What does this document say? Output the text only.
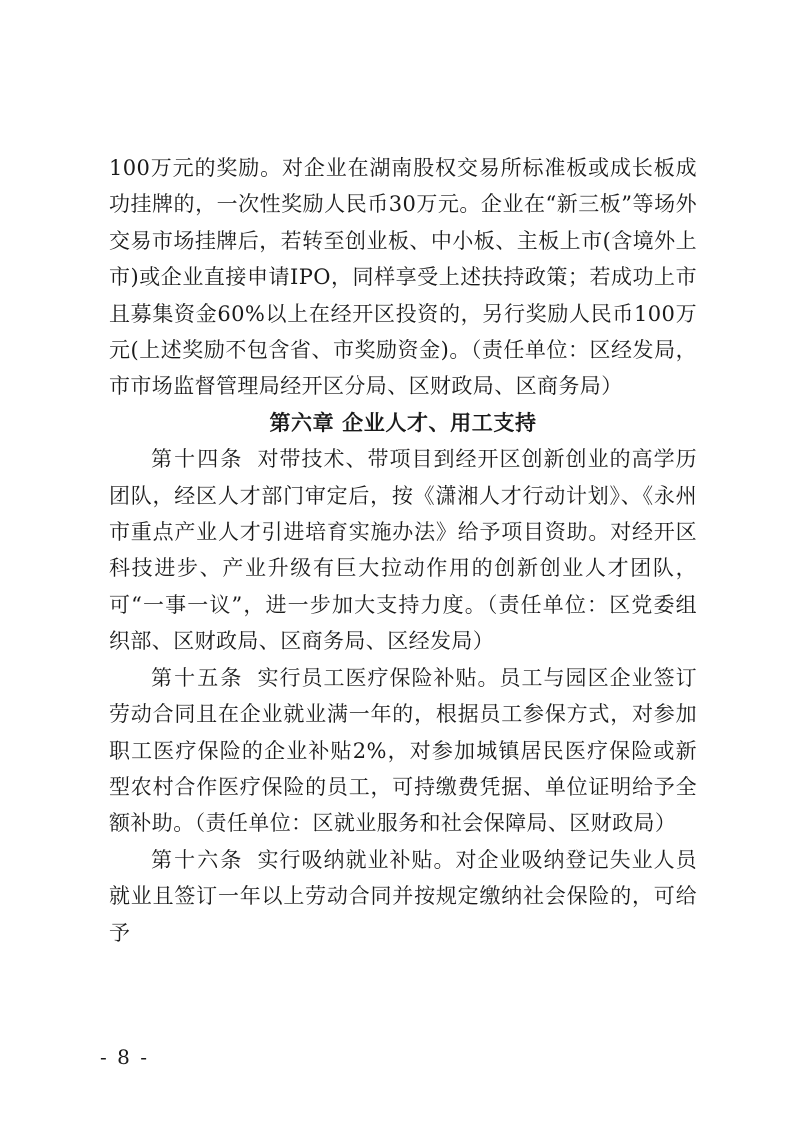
100万元的奖励。对企业在湖南股权交易所标准板或成长板成功挂牌的，一次性奖励人民币30万元。企业在“新三板”等场外交易市场挂牌后，若转至创业板、中小板、主板上市(含境外上市)或企业直接申请IPO，同样享受上述扶持政策；若成功上市且募集资金60%以上在经开区投资的，另行奖励人民币100万元(上述奖励不包含省、市奖励资金)。（责任单位：区经发局，市市场监督管理局经开区分局、区财政局、区商务局）

第六章 企业人才、用工支持

第十四条 对带技术、带项目到经开区创新创业的高学历团队，经区人才部门审定后，按《潇湘人才行动计划》、《永州市重点产业人才引进培育实施办法》给予项目资助。对经开区科技进步、产业升级有巨大拉动作用的创新创业人才团队，可“一事一议”，进一步加大支持力度。（责任单位：区党委组织部、区财政局、区商务局、区经发局）

第十五条 实行员工医疗保险补贴。员工与园区企业签订劳动合同且在企业就业满一年的，根据员工参保方式，对参加职工医疗保险的企业补贴2%，对参加城镇居民医疗保险或新型农村合作医疗保险的员工，可持缴费凭据、单位证明给予全额补助。（责任单位：区就业服务和社会保障局、区财政局）

第十六条 实行吸纳就业补贴。对企业吸纳登记失业人员就业且签订一年以上劳动合同并按规定缴纳社会保险的，可给予

- 8 -
